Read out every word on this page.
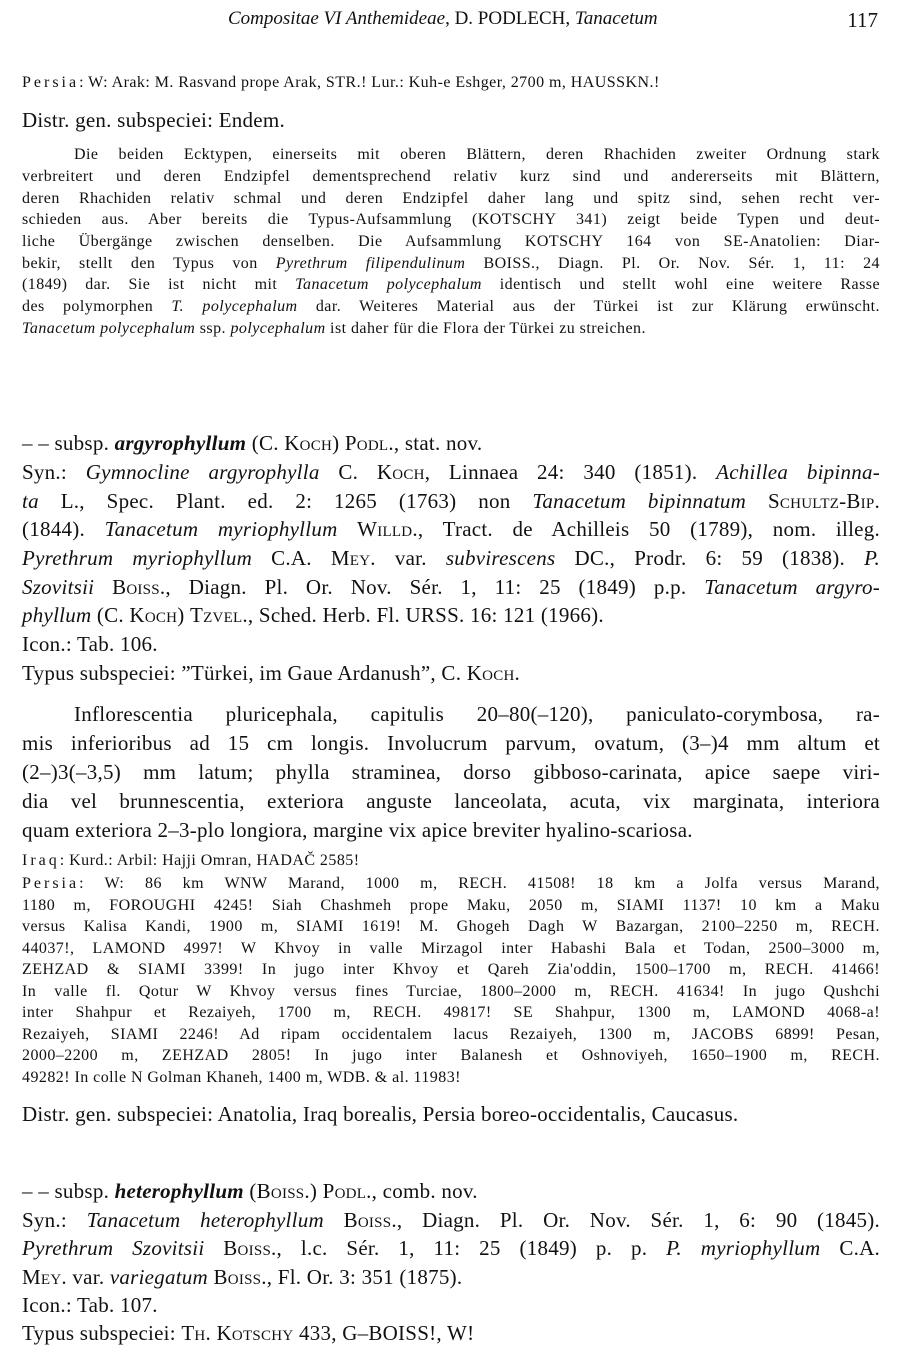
Compositae VI Anthemideae, D. PODLECH, Tanacetum	117
Persia: W: Arak: M. Rasvand prope Arak, STR.! Lur.: Kuh-e Eshger, 2700 m, HAUSSKN.!
Distr. gen. subspeciei: Endem.
Die beiden Ecktypen, einerseits mit oberen Blättern, deren Rhachiden zweiter Ordnung stark
verbreitert und deren Endzipfel dementsprechend relativ kurz sind und andererseits mit Blättern,
deren Rhachiden relativ schmal und deren Endzipfel daher lang und spitz sind, sehen recht ver-
schieden aus. Aber bereits die Typus-Aufsammlung (KOTSCHY 341) zeigt beide Typen und deut-
liche Übergänge zwischen denselben. Die Aufsammlung KOTSCHY 164 von SE-Anatolien: Diar-
bekir, stellt den Typus von Pyrethrum filipendulinum BOISS., Diagn. Pl. Or. Nov. Sér. 1, 11: 24
(1849) dar. Sie ist nicht mit Tanacetum polycephalum identisch und stellt wohl eine weitere Rasse
des polymorphen T. polycephalum dar. Weiteres Material aus der Türkei ist zur Klärung erwünscht.
Tanacetum polycephalum ssp. polycephalum ist daher für die Flora der Türkei zu streichen.
– – subsp. argyrophyllum (C. Koch) Podl., stat. nov.
Syn.: Gymnocline argyrophylla C. Koch, Linnaea 24: 340 (1851). Achillea bipinna-
ta L., Spec. Plant. ed. 2: 1265 (1763) non Tanacetum bipinnatum Schultz-Bip.
(1844). Tanacetum myriophyllum Willd., Tract. de Achilleis 50 (1789), nom. illeg.
Pyrethrum myriophyllum C.A. Mey. var. subvirescens DC., Prodr. 6: 59 (1838). P.
Szovitsii Boiss., Diagn. Pl. Or. Nov. Sér. 1, 11: 25 (1849) p.p. Tanacetum argyro-
phyllum (C. Koch) Tzvel., Sched. Herb. Fl. URSS. 16: 121 (1966).
Icon.: Tab. 106.
Typus subspeciei: ”Türkei, im Gaue Ardanush”, C. Koch.
Inflorescentia pluricephala, capitulis 20–80(–120), paniculato-corymbosa, ra-
mis inferioribus ad 15 cm longis. Involucrum parvum, ovatum, (3–)4 mm altum et
(2–)3(–3,5) mm latum; phylla straminea, dorso gibboso-carinata, apice saepe viri-
dia vel brunnescentia, exteriora anguste lanceolata, acuta, vix marginata, interiora
quam exteriora 2–3-plo longiora, margine vix apice breviter hyalino-scariosa.
Iraq: Kurd.: Arbil: Hajji Omran, HADAČ 2585!
Persia: W: 86 km WNW Marand, 1000 m, RECH. 41508! 18 km a Jolfa versus Marand,
1180 m, FOROUGHI 4245! Siah Chashmeh prope Maku, 2050 m, SIAMI 1137! 10 km a Maku
versus Kalisa Kandi, 1900 m, SIAMI 1619! M. Ghogeh Dagh W Bazargan, 2100–2250 m, RECH.
44037!, LAMOND 4997! W Khvoy in valle Mirzagol inter Habashi Bala et Todan, 2500–3000 m,
ZEHZAD & SIAMI 3399! In jugo inter Khvoy et Qareh Zia'oddin, 1500–1700 m, RECH. 41466!
In valle fl. Qotur W Khvoy versus fines Turciae, 1800–2000 m, RECH. 41634! In jugo Qushchi
inter Shahpur et Rezaiyeh, 1700 m, RECH. 49817! SE Shahpur, 1300 m, LAMOND 4068-a!
Rezaiyeh, SIAMI 2246! Ad ripam occidentalem lacus Rezaiyeh, 1300 m, JACOBS 6899! Pesan,
2000–2200 m, ZEHZAD 2805! In jugo inter Balanesh et Oshnoviyeh, 1650–1900 m, RECH.
49282! In colle N Golman Khaneh, 1400 m, WDB. & al. 11983!
Distr. gen. subspeciei: Anatolia, Iraq borealis, Persia boreo-occidentalis, Caucasus.
– – subsp. heterophyllum (Boiss.) Podl., comb. nov.
Syn.: Tanacetum heterophyllum Boiss., Diagn. Pl. Or. Nov. Sér. 1, 6: 90 (1845).
Pyrethrum Szovitsii Boiss., l.c. Sér. 1, 11: 25 (1849) p. p. P. myriophyllum C.A.
Mey. var. variegatum Boiss., Fl. Or. 3: 351 (1875).
Icon.: Tab. 107.
Typus subspeciei: Th. Kotschy 433, G–BOISS!, W!
